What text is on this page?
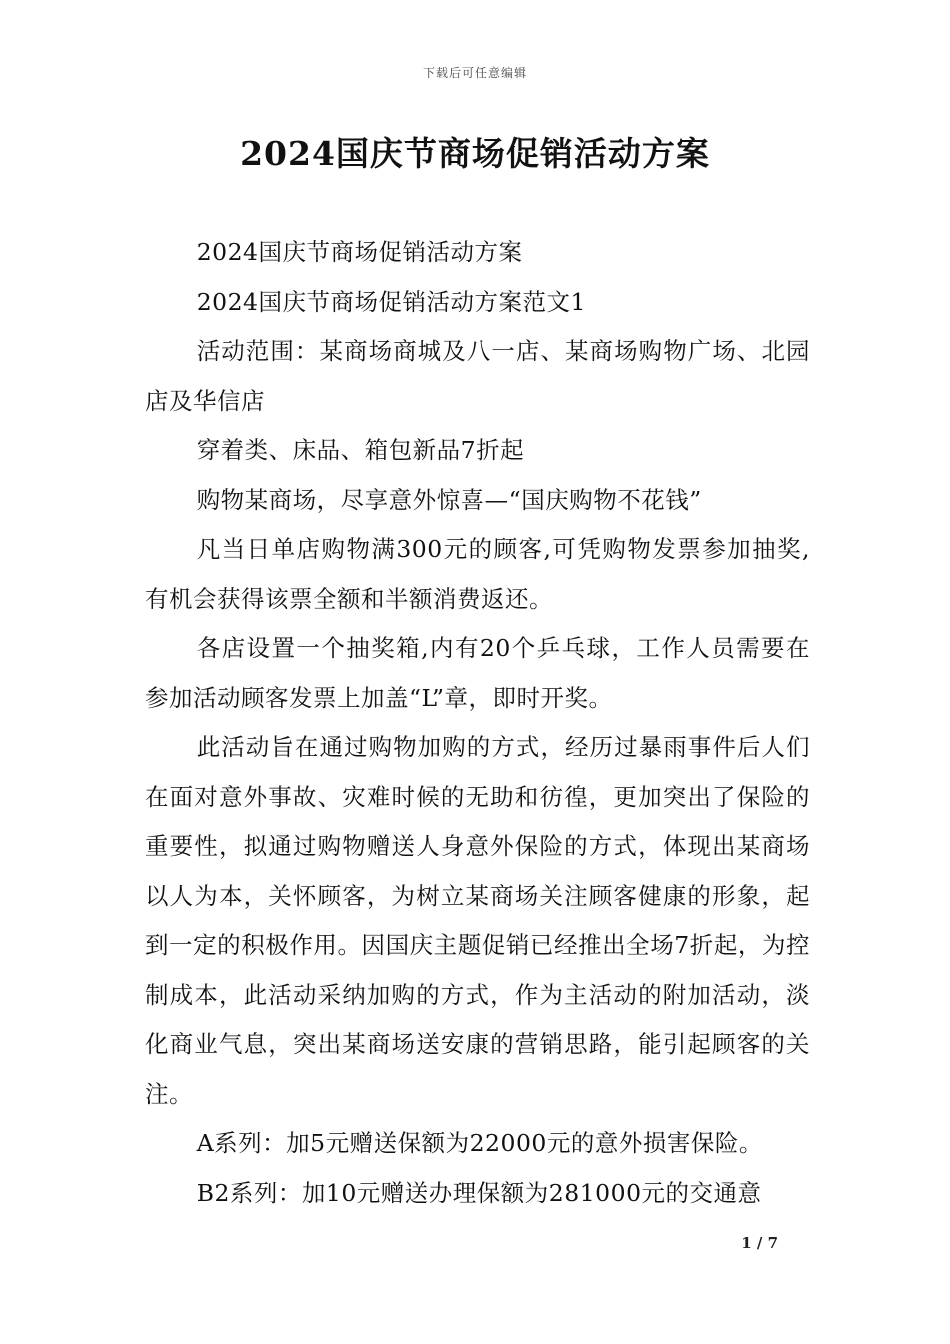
下载后可任意编辑
2024国庆节商场促销活动方案

2024国庆节商场促销活动方案

2024国庆节商场促销活动方案范文1

活动范围：某商场商城及八一店、某商场购物广场、北园店及华信店

穿着类、床品、箱包新品7折起

购物某商场，尽享意外惊喜—“国庆购物不花钱”

凡当日单店购物满300元的顾客,可凭购物发票参加抽奖,有机会获得该票全额和半额消费返还。

各店设置一个抽奖箱,内有20个乒乓球，工作人员需要在参加活动顾客发票上加盖“L”章，即时开奖。

此活动旨在通过购物加购的方式，经历过暴雨事件后人们在面对意外事故、灾难时候的无助和彷徨，更加突出了保险的重要性，拟通过购物赠送人身意外保险的方式，体现出某商场以人为本，关怀顾客，为树立某商场关注顾客健康的形象，起到一定的积极作用。因国庆主题促销已经推出全场7折起，为控制成本，此活动采纳加购的方式，作为主活动的附加活动，淡化商业气息，突出某商场送安康的营销思路，能引起顾客的关注。

A系列：加5元赠送保额为22000元的意外损害保险。

B2系列：加10元赠送办理保额为281000元的交通意

1 / 7
